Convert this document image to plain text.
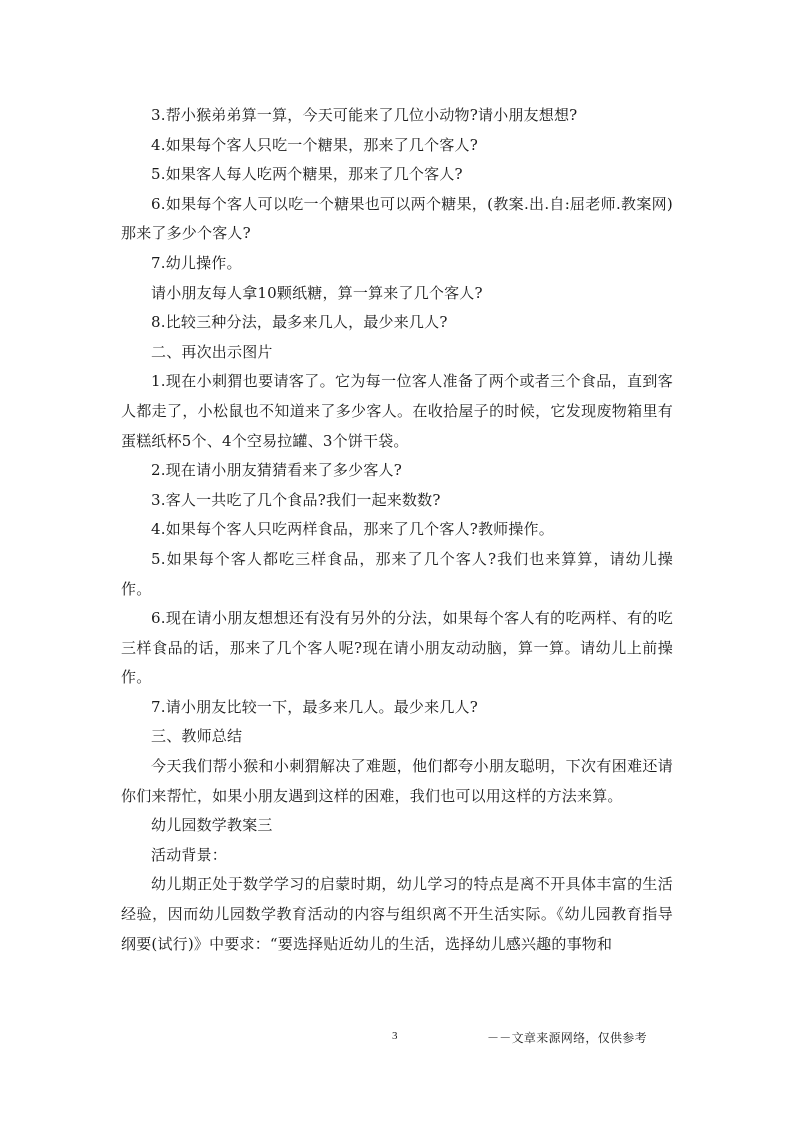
3.帮小猴弟弟算一算，今天可能来了几位小动物?请小朋友想想?

4.如果每个客人只吃一个糖果，那来了几个客人?

5.如果客人每人吃两个糖果，那来了几个客人?

6.如果每个客人可以吃一个糖果也可以两个糖果，(教案.出.自:屈老师.教案网)那来了多少个客人?

7.幼儿操作。

请小朋友每人拿10颗纸糖，算一算来了几个客人?

8.比较三种分法，最多来几人，最少来几人?

二、再次出示图片

1.现在小刺猬也要请客了。它为每一位客人准备了两个或者三个食品，直到客人都走了，小松鼠也不知道来了多少客人。在收拾屋子的时候，它发现废物箱里有蛋糕纸杯5个、4个空易拉罐、3个饼干袋。

2.现在请小朋友猜猜看来了多少客人?

3.客人一共吃了几个食品?我们一起来数数?

4.如果每个客人只吃两样食品，那来了几个客人?教师操作。

5.如果每个客人都吃三样食品，那来了几个客人?我们也来算算，请幼儿操作。

6.现在请小朋友想想还有没有另外的分法，如果每个客人有的吃两样、有的吃三样食品的话，那来了几个客人呢?现在请小朋友动动脑，算一算。请幼儿上前操作。

7.请小朋友比较一下，最多来几人。最少来几人?

三、教师总结

今天我们帮小猴和小刺猬解决了难题，他们都夸小朋友聪明，下次有困难还请你们来帮忙，如果小朋友遇到这样的困难，我们也可以用这样的方法来算。

幼儿园数学教案三

活动背景：

幼儿期正处于数学学习的启蒙时期，幼儿学习的特点是离不开具体丰富的生活经验，因而幼儿园数学教育活动的内容与组织离不开生活实际。《幼儿园教育指导纲要(试行)》中要求：“要选择贴近幼儿的生活，选择幼儿感兴趣的事物和

3	－－文章来源网络，仅供参考
